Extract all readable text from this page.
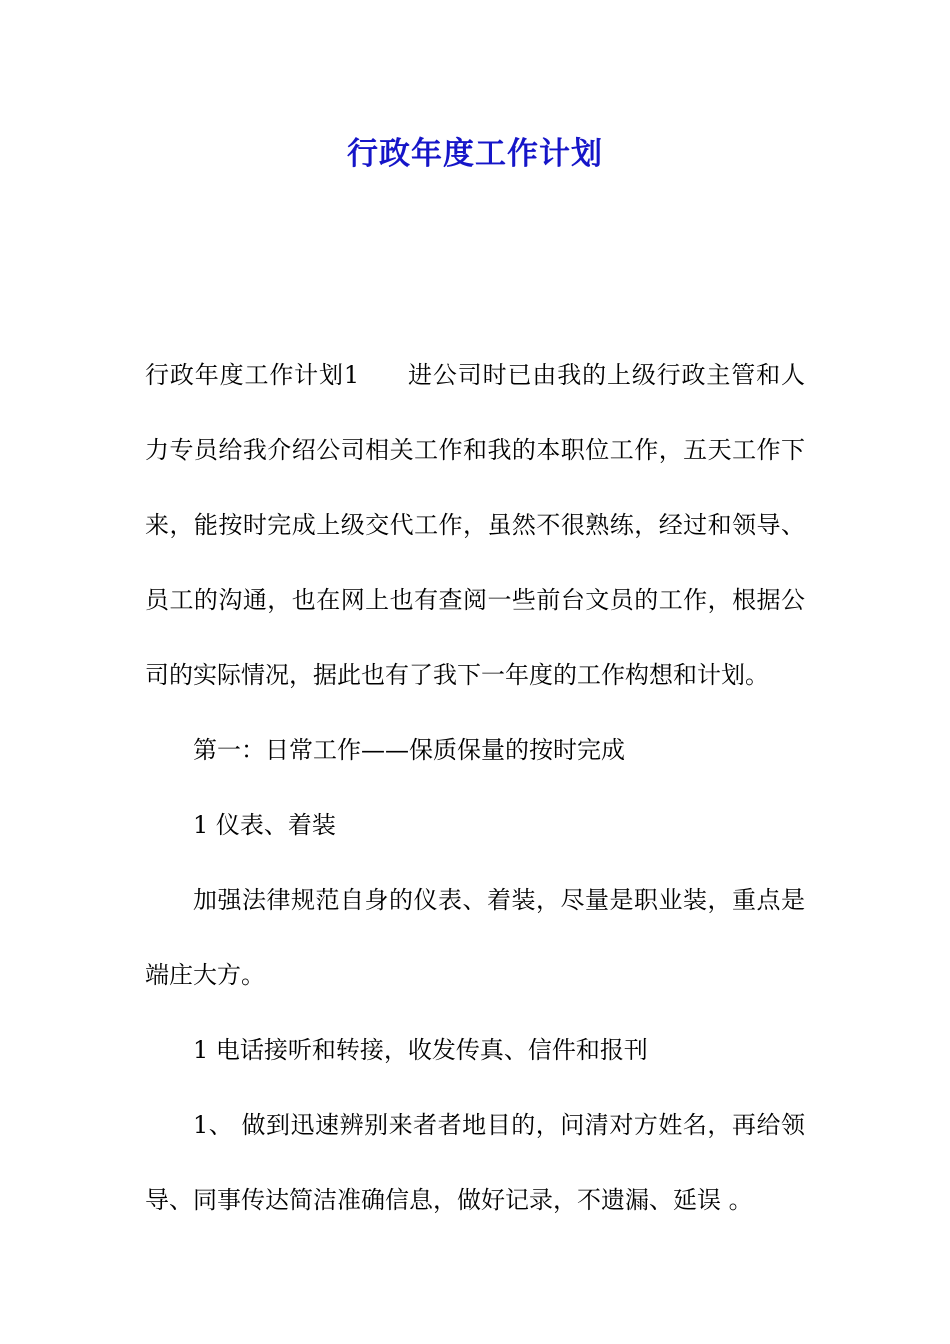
行政年度工作计划

行政年度工作计划1 进公司时已由我的上级行政主管和人力专员给我介绍公司相关工作和我的本职位工作，五天工作下来，能按时完成上级交代工作，虽然不很熟练，经过和领导、员工的沟通，也在网上也有查阅一些前台文员的工作，根据公司的实际情况，据此也有了我下一年度的工作构想和计划。

第一：日常工作——保质保量的按时完成

1 仪表、着装

加强法律规范自身的仪表、着装，尽量是职业装，重点是端庄大方。

1 电话接听和转接，收发传真、信件和报刊

1、 做到迅速辨别来者者地目的，问清对方姓名，再给领导、同事传达简洁准确信息，做好记录，不遗漏、延误 。
